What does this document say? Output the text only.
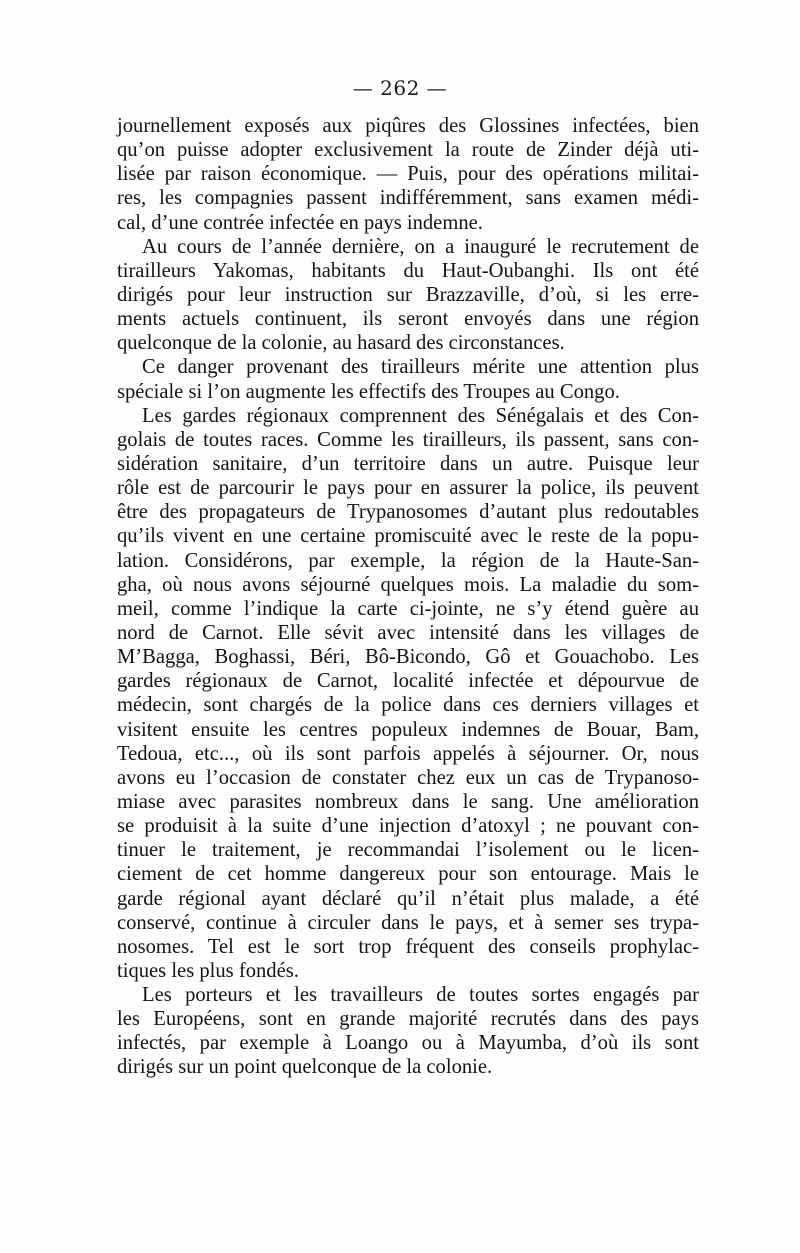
— 262 —

journellement exposés aux piqûres des Glossines infectées, bien
qu’on puisse adopter exclusivement la route de Zinder déjà uti-
lisée par raison économique. — Puis, pour des opérations militai-
res, les compagnies passent indifféremment, sans examen médi-
cal, d’une contrée infectée en pays indemne.

Au cours de l’année dernière, on a inauguré le recrutement de
tirailleurs Yakomas, habitants du Haut-Oubanghi. Ils ont été
dirigés pour leur instruction sur Brazzaville, d’où, si les erre-
ments actuels continuent, ils seront envoyés dans une région
quelconque de la colonie, au hasard des circonstances.

Ce danger provenant des tirailleurs mérite une attention plus
spéciale si l’on augmente les effectifs des Troupes au Congo.

Les gardes régionaux comprennent des Sénégalais et des Con-
golais de toutes races. Comme les tirailleurs, ils passent, sans con-
sidération sanitaire, d’un territoire dans un autre. Puisque leur
rôle est de parcourir le pays pour en assurer la police, ils peuvent
être des propagateurs de Trypanosomes d’autant plus redoutables
qu’ils vivent en une certaine promiscuité avec le reste de la popu-
lation. Considérons, par exemple, la région de la Haute-San-
gha, où nous avons séjourné quelques mois. La maladie du som-
meil, comme l’indique la carte ci-jointe, ne s’y étend guère au
nord de Carnot. Elle sévit avec intensité dans les villages de
M’Bagga, Boghassi, Béri, Bô-Bicondo, Gô et Gouachobo. Les
gardes régionaux de Carnot, localité infectée et dépourvue de
médecin, sont chargés de la police dans ces derniers villages et
visitent ensuite les centres populeux indemnes de Bouar, Bam,
Tedoua, etc..., où ils sont parfois appelés à séjourner. Or, nous
avons eu l’occasion de constater chez eux un cas de Trypanoso-
miase avec parasites nombreux dans le sang. Une amélioration
se produisit à la suite d’une injection d’atoxyl ; ne pouvant con-
tinuer le traitement, je recommandai l’isolement ou le licen-
ciement de cet homme dangereux pour son entourage. Mais le
garde régional ayant déclaré qu’il n’était plus malade, a été
conservé, continue à circuler dans le pays, et à semer ses trypa-
nosomes. Tel est le sort trop fréquent des conseils prophylac-
tiques les plus fondés.

Les porteurs et les travailleurs de toutes sortes engagés par
les Européens, sont en grande majorité recrutés dans des pays
infectés, par exemple à Loango ou à Mayumba, d’où ils sont
dirigés sur un point quelconque de la colonie.
